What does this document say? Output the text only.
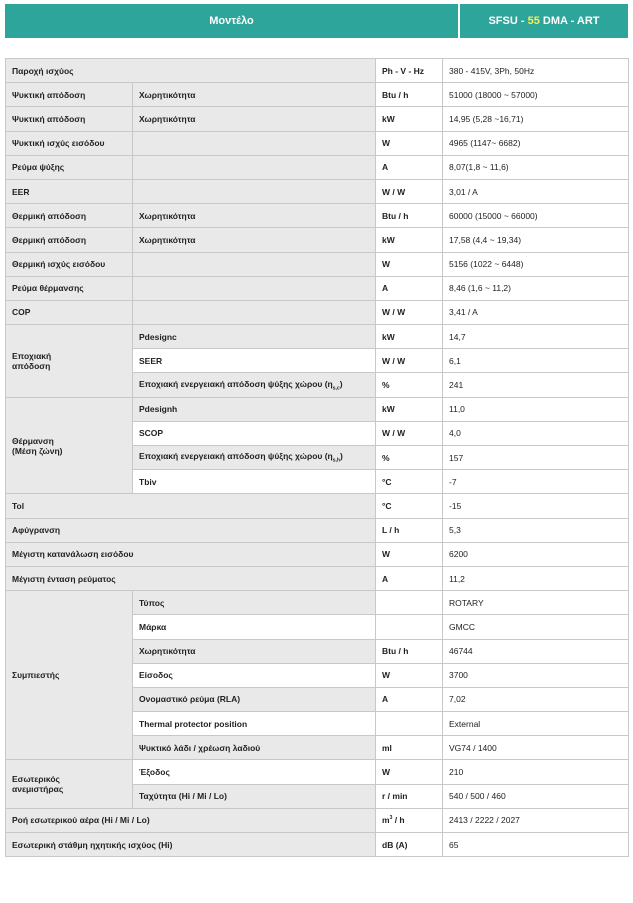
Μοντέλο	SFSU - 55 DMA - ART
Παροχή ισχύος		Ph - V - Hz	380 - 415V, 3Ph, 50Hz
Ψυκτική απόδοση	Χωρητικότητα	Btu / h	51000 (18000 ~ 57000)
Ψυκτική απόδοση	Χωρητικότητα	kW	14,95 (5,28 ~16,71)
Ψυκτική ισχύς εισόδου		W	4965 (1147~ 6682)
Ρεύμα ψύξης		A	8,07(1,8 ~ 11,6)
EER		W / W	3,01 / A
Θερμική απόδοση	Χωρητικότητα	Btu / h	60000 (15000 ~ 66000)
Θερμική απόδοση	Χωρητικότητα	kW	17,58 (4,4 ~ 19,34)
Θερμική ισχύς εισόδου		W	5156 (1022 ~ 6448)
Ρεύμα θέρμανσης		A	8,46 (1,6 ~ 11,2)
COP		W / W	3,41 / A
Εποχιακή
απόδοση	Pdesignc	kW	14,7
	SEER	W / W	6,1
	Εποχιακή ενεργειακή απόδοση ψύξης χώρου $(\eta_{s,c})$	%	241
Θέρμανση
(Μέση ζώνη)	Pdesignh	kW	11,0
	SCOP	W / W	4,0
	Εποχιακή ενεργειακή απόδοση ψύξης χώρου $(\eta_{s,h})$	%	157
	Tbiv	°C	-7
Tol		°C	-15
Αφύγρανση		L / h	5,3
Μέγιστη κατανάλωση εισόδου		W	6200
Μέγιστη ένταση ρεύματος		A	11,2
Συμπιεστής	Τύπος		ROTARY
	Μάρκα		GMCC
	Χωρητικότητα	Btu / h	46744
	Είσοδος	W	3700
	Ονομαστικό ρεύμα (RLA)	A	7,02
	Thermal protector position		External
	Ψυκτικό λάδι / χρέωση λαδιού	ml	VG74 / 1400
Εσωτερικός
ανεμιστήρας	Έξοδος	W	210
	Ταχύτητα (Hi / Mi / Lo)	r / min	540 / 500 / 460
Ροή εσωτερικού αέρα (Hi / Mi / Lo)		$m^3$ / h	2413 / 2222 / 2027
Εσωτερική στάθμη ηχητικής ισχύος (Hi)		dB (A)	65
